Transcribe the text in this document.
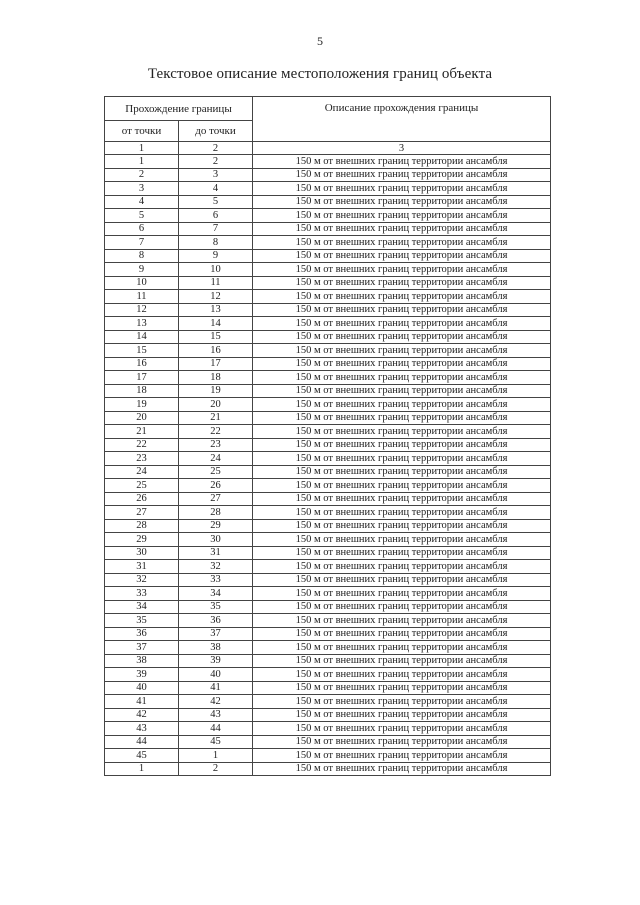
5
Текстовое описание местоположения границ объекта
Прохождение границы		Описание прохождения границы
от точки	до точки	
1	2	3
1	2	150 м от внешних границ территории ансамбля
2	3	150 м от внешних границ территории ансамбля
3	4	150 м от внешних границ территории ансамбля
4	5	150 м от внешних границ территории ансамбля
5	6	150 м от внешних границ территории ансамбля
6	7	150 м от внешних границ территории ансамбля
7	8	150 м от внешних границ территории ансамбля
8	9	150 м от внешних границ территории ансамбля
9	10	150 м от внешних границ территории ансамбля
10	11	150 м от внешних границ территории ансамбля
11	12	150 м от внешних границ территории ансамбля
12	13	150 м от внешних границ территории ансамбля
13	14	150 м от внешних границ территории ансамбля
14	15	150 м от внешних границ территории ансамбля
15	16	150 м от внешних границ территории ансамбля
16	17	150 м от внешних границ территории ансамбля
17	18	150 м от внешних границ территории ансамбля
18	19	150 м от внешних границ территории ансамбля
19	20	150 м от внешних границ территории ансамбля
20	21	150 м от внешних границ территории ансамбля
21	22	150 м от внешних границ территории ансамбля
22	23	150 м от внешних границ территории ансамбля
23	24	150 м от внешних границ территории ансамбля
24	25	150 м от внешних границ территории ансамбля
25	26	150 м от внешних границ территории ансамбля
26	27	150 м от внешних границ территории ансамбля
27	28	150 м от внешних границ территории ансамбля
28	29	150 м от внешних границ территории ансамбля
29	30	150 м от внешних границ территории ансамбля
30	31	150 м от внешних границ территории ансамбля
31	32	150 м от внешних границ территории ансамбля
32	33	150 м от внешних границ территории ансамбля
33	34	150 м от внешних границ территории ансамбля
34	35	150 м от внешних границ территории ансамбля
35	36	150 м от внешних границ территории ансамбля
36	37	150 м от внешних границ территории ансамбля
37	38	150 м от внешних границ территории ансамбля
38	39	150 м от внешних границ территории ансамбля
39	40	150 м от внешних границ территории ансамбля
40	41	150 м от внешних границ территории ансамбля
41	42	150 м от внешних границ территории ансамбля
42	43	150 м от внешних границ территории ансамбля
43	44	150 м от внешних границ территории ансамбля
44	45	150 м от внешних границ территории ансамбля
45	1	150 м от внешних границ территории ансамбля
1	2	150 м от внешних границ территории ансамбля
